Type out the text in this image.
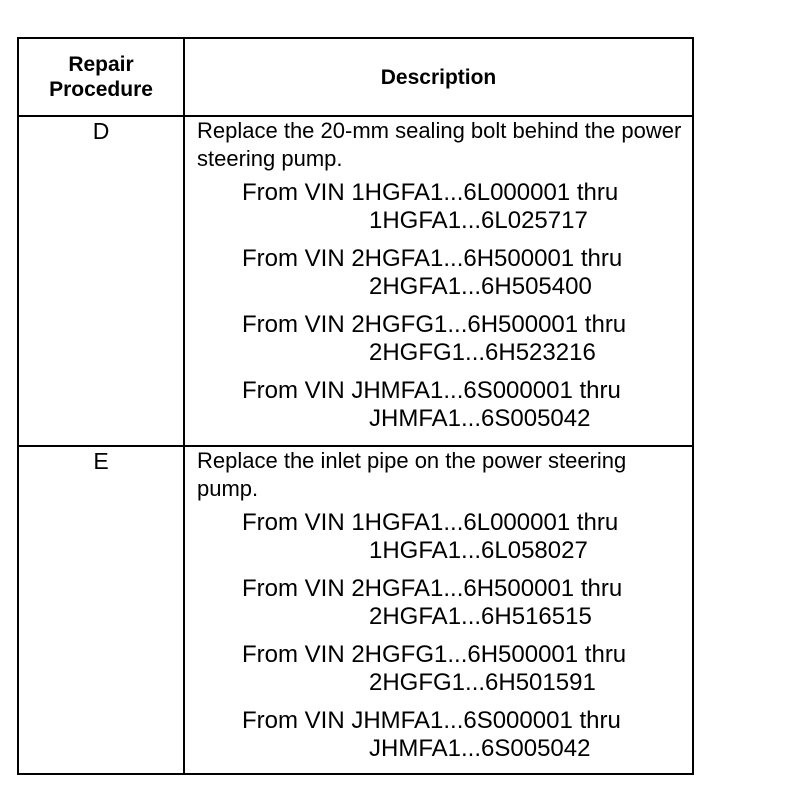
Repair Procedure
Description
D	Replace the 20-mm sealing bolt behind the power steering pump.

From VIN 1HGFA1...6L000001 thru
1HGFA1...6L025717
From VIN 2HGFA1...6H500001 thru
2HGFA1...6H505400
From VIN 2HGFG1...6H500001 thru
2HGFG1...6H523216
From VIN JHMFA1...6S000001 thru
JHMFA1...6S005042
E	Replace the inlet pipe on the power steering pump.

From VIN 1HGFA1...6L000001 thru
1HGFA1...6L058027
From VIN 2HGFA1...6H500001 thru
2HGFA1...6H516515
From VIN 2HGFG1...6H500001 thru
2HGFG1...6H501591
From VIN JHMFA1...6S000001 thru
JHMFA1...6S005042
